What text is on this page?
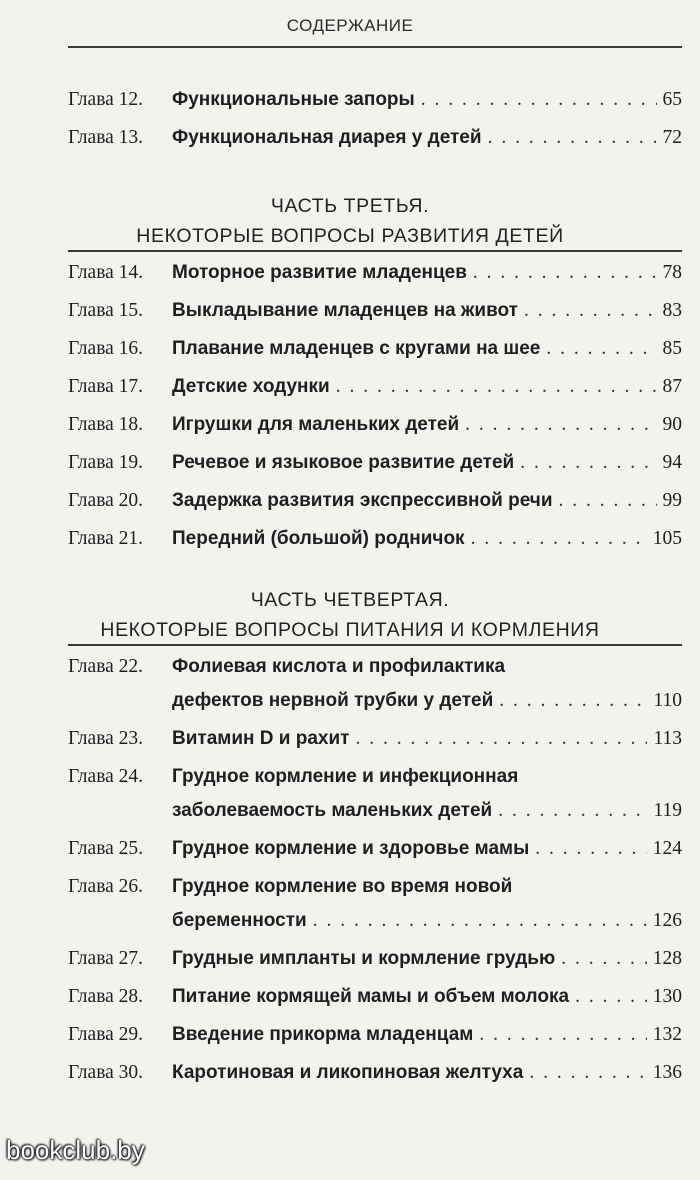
СОДЕРЖАНИЕ
Глава 12.	Функциональные запоры . . .	65
Глава 13.	Функциональная диарея у детей . . .	72
ЧАСТЬ ТРЕТЬЯ.
НЕКОТОРЫЕ ВОПРОСЫ РАЗВИТИЯ ДЕТЕЙ
Глава 14.	Моторное развитие младенцев . . .	78
Глава 15.	Выкладывание младенцев на живот . . .	83
Глава 16.	Плавание младенцев с кругами на шее . . .	85
Глава 17.	Детские ходунки . . .	87
Глава 18.	Игрушки для маленьких детей . . .	90
Глава 19.	Речевое и языковое развитие детей . . .	94
Глава 20.	Задержка развития экспрессивной речи . . .	99
Глава 21.	Передний (большой) родничок . . .	105
ЧАСТЬ ЧЕТВЕРТАЯ.
НЕКОТОРЫЕ ВОПРОСЫ ПИТАНИЯ И КОРМЛЕНИЯ
Глава 22.	Фолиевая кислота и профилактика
дефектов нервной трубки у детей . . .	110
Глава 23.	Витамин D и рахит . . .	113
Глава 24.	Грудное кормление и инфекционная
заболеваемость маленьких детей . . .	119
Глава 25.	Грудное кормление и здоровье мамы . . .	124
Глава 26.	Грудное кормление во время новой
беременности . . .	126
Глава 27.	Грудные импланты и кормление грудью . . .	128
Глава 28.	Питание кормящей мамы и объем молока . . .	130
Глава 29.	Введение прикорма младенцам . . .	132
Глава 30.	Каротиновая и ликопиновая желтуха . . .	136
bookclub.by
